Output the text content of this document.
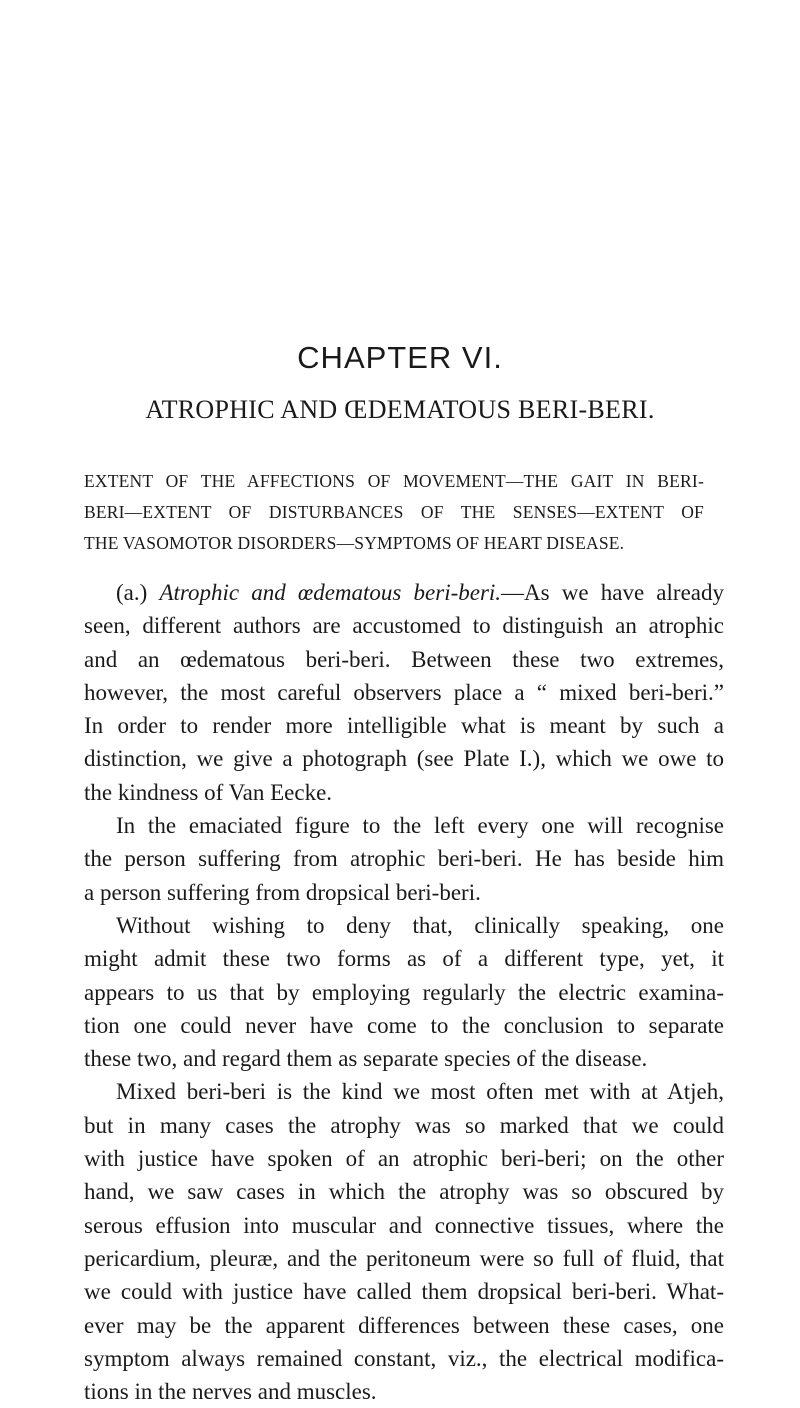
CHAPTER VI.
ATROPHIC AND ŒDEMATOUS BERI-BERI.
EXTENT OF THE AFFECTIONS OF MOVEMENT—THE GAIT IN BERI-
BERI—EXTENT OF DISTURBANCES OF THE SENSES—EXTENT OF
THE VASOMOTOR DISORDERS—SYMPTOMS OF HEART DISEASE.
(a.) Atrophic and œdematous beri-beri.—As we have already
seen, different authors are accustomed to distinguish an atrophic
and an œdematous beri-beri. Between these two extremes,
however, the most careful observers place a “ mixed beri-beri.”
In order to render more intelligible what is meant by such a
distinction, we give a photograph (see Plate I.), which we owe to
the kindness of Van Eecke.
In the emaciated figure to the left every one will recognise
the person suffering from atrophic beri-beri. He has beside him
a person suffering from dropsical beri-beri.
Without wishing to deny that, clinically speaking, one
might admit these two forms as of a different type, yet, it
appears to us that by employing regularly the electric examina-
tion one could never have come to the conclusion to separate
these two, and regard them as separate species of the disease.
Mixed beri-beri is the kind we most often met with at Atjeh,
but in many cases the atrophy was so marked that we could
with justice have spoken of an atrophic beri-beri; on the other
hand, we saw cases in which the atrophy was so obscured by
serous effusion into muscular and connective tissues, where the
pericardium, pleuræ, and the peritoneum were so full of fluid, that
we could with justice have called them dropsical beri-beri. What-
ever may be the apparent differences between these cases, one
symptom always remained constant, viz., the electrical modifica-
tions in the nerves and muscles.
